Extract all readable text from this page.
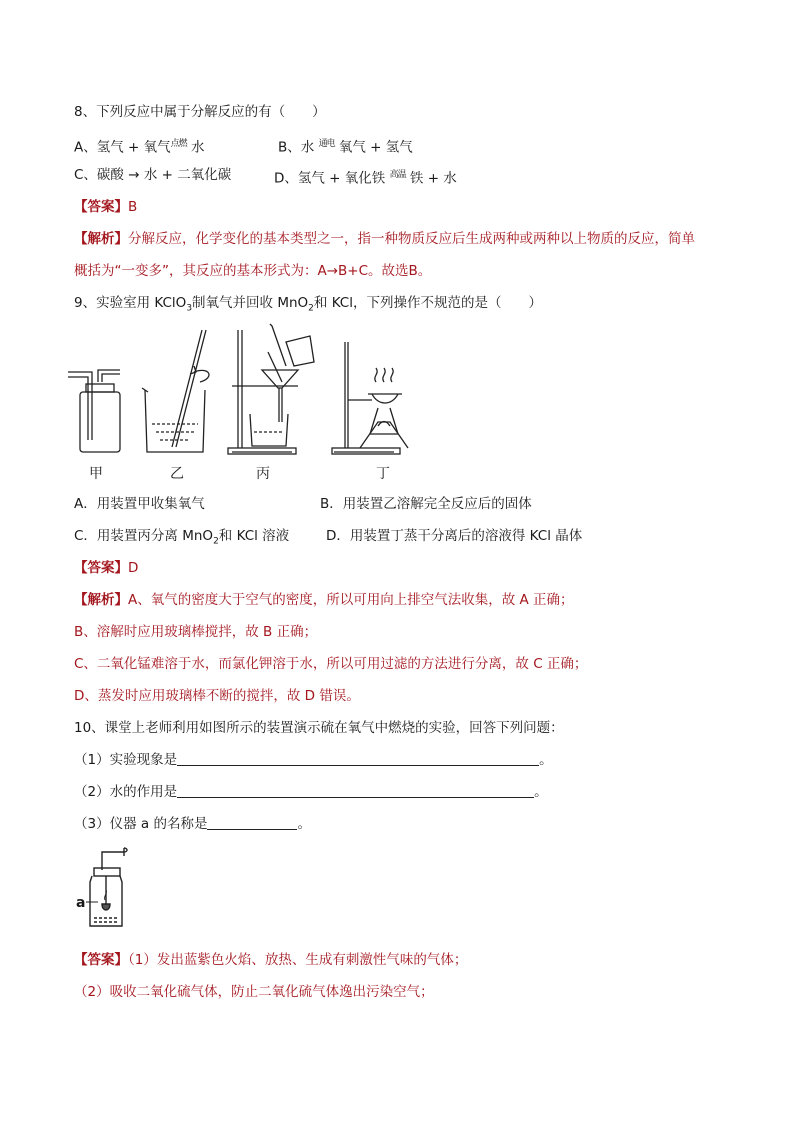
8、下列反应中属于分解反应的有（　　）
A、氢气 + 氧气$^{点燃}$ 水	B、水 $^{通电}$ 氧气 + 氢气
C、碳酸 → 水 + 二氧化碳	D、氢气 + 氧化铁 $^{高温}$ 铁 + 水
【答案】B
【解析】分解反应，化学变化的基本类型之一，指一种物质反应后生成两种或两种以上物质的反应，简单
概括为“一变多”，其反应的基本形式为：A→B+C。故选B。
9、实验室用 KClO$_3$制氧气并回收 MnO$_2$和 KCl，下列操作不规范的是（　　）
甲	乙	丙	丁
A．用装置甲收集氧气	B．用装置乙溶解完全反应后的固体
C．用装置丙分离 MnO$_2$和 KCl 溶液	D．用装置丁蒸干分离后的溶液得 KCl 晶体
【答案】D
【解析】A、氧气的密度大于空气的密度，所以可用向上排空气法收集，故 A 正确；
B、溶解时应用玻璃棒搅拌，故 B 正确；
C、二氧化锰难溶于水，而氯化钾溶于水，所以可用过滤的方法进行分离，故 C 正确；
D、蒸发时应用玻璃棒不断的搅拌，故 D 错误。
10、课堂上老师利用如图所示的装置演示硫在氧气中燃烧的实验，回答下列问题：
（1）实验现象是	。
（2）水的作用是	。
（3）仪器 a 的名称是	。
a
【答案】（1）发出蓝紫色火焰、放热、生成有刺激性气味的气体；
（2）吸收二氧化硫气体，防止二氧化硫气体逸出污染空气；
